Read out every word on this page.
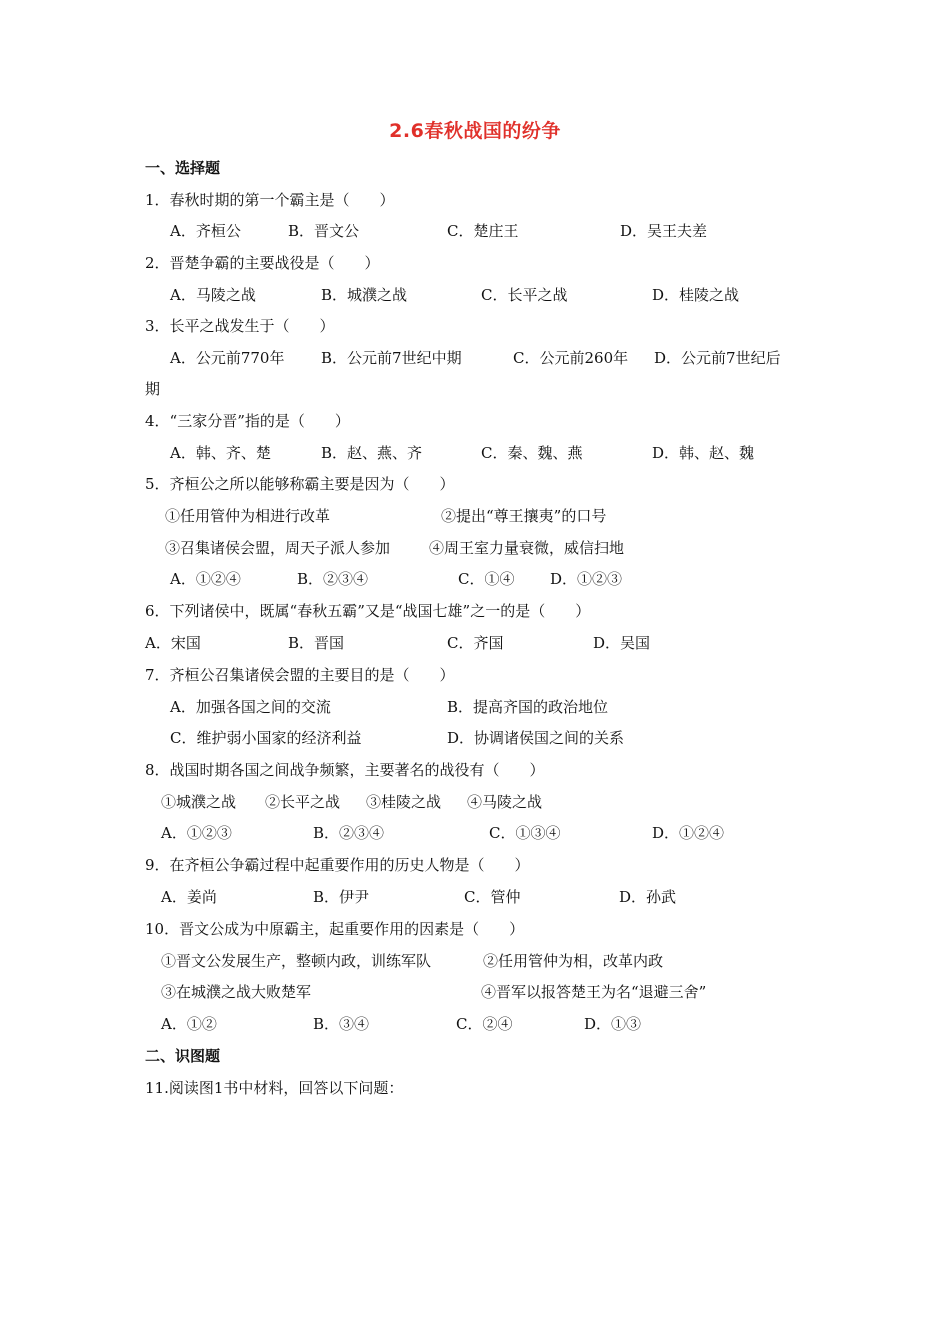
2.6春秋战国的纷争
一、选择题
1．春秋时期的第一个霸主是（　　）
A．齐桓公	B．晋文公	C．楚庄王	D．吴王夫差
2．晋楚争霸的主要战役是（　　）
A．马陵之战	B．城濮之战	C．长平之战	D．桂陵之战
3．长平之战发生于（　　）
A．公元前770年 B．公元前7世纪中期	C．公元前260年 D．公元前7世纪后
期
4．“三家分晋”指的是（　　）
A．韩、齐、楚	B．赵、燕、齐	C．秦、魏、燕	D．韩、赵、魏
5．齐桓公之所以能够称霸主要是因为（　　）
①任用管仲为相进行改革	②提出“尊王攘夷”的口号
③召集诸侯会盟，周天子派人参加	④周王室力量衰微，威信扫地
A．①②④	B．②③④	C．①④ D．①②③
6．下列诸侯中，既属“春秋五霸”又是“战国七雄”之一的是（　　）
A．宋国	B．晋国	C．齐国	D．吴国
7．齐桓公召集诸侯会盟的主要目的是（　　）
A．加强各国之间的交流	B．提高齐国的政治地位
C．维护弱小国家的经济利益	D．协调诸侯国之间的关系
8．战国时期各国之间战争频繁，主要著名的战役有（　　）
①城濮之战 ②长平之战 ③桂陵之战 ④马陵之战
A．①②③	B．②③④	C．①③④	D．①②④
9．在齐桓公争霸过程中起重要作用的历史人物是（　　）
A．姜尚	B．伊尹	C．管仲	D．孙武
10．晋文公成为中原霸主，起重要作用的因素是（　　）
①晋文公发展生产，整顿内政，训练军队	②任用管仲为相，改革内政
③在城濮之战大败楚军	④晋军以报答楚王为名“退避三舍”
A．①②	B．③④	C．②④	D．①③
二、识图题
11.阅读图1书中材料，回答以下问题：
